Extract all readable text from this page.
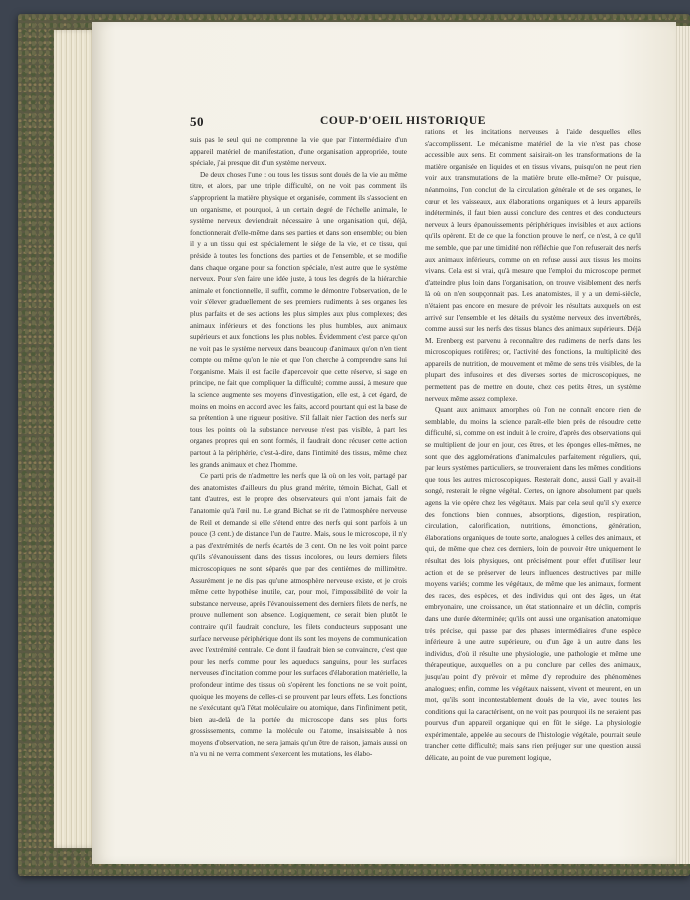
50	COUP-D'OEIL HISTORIQUE

suis pas le seul qui ne comprenne la vie que par l'intermédiaire d'un appareil matériel de manifestation, d'une organisation appropriée, toute spéciale, j'ai presque dit d'un système nerveux.

De deux choses l'une : ou tous les tissus sont doués de la vie au même titre, et alors, par une triple difficulté, on ne voit pas comment ils s'approprient la matière physique et organisée, comment ils s'associent en un organisme, et pourquoi, à un certain degré de l'échelle animale, le système nerveux deviendrait nécessaire à une organisation qui, déjà, fonctionnerait d'elle-même dans ses parties et dans son ensemble; ou bien il y a un tissu qui est spécialement le siége de la vie, et ce tissu, qui préside à toutes les fonctions des parties et de l'ensemble, et se modifie dans chaque organe pour sa fonction spéciale, n'est autre que le système nerveux. Pour s'en faire une idée juste, à tous les degrés de la hiérarchie animale et fonctionnelle, il suffit, comme le démontre l'observation, de le voir s'élever graduellement de ses premiers rudiments à ses organes les plus parfaits et de ses actions les plus simples aux plus complexes; des animaux inférieurs et des fonctions les plus humbles, aux animaux supérieurs et aux fonctions les plus nobles. Évidemment c'est parce qu'on ne voit pas le système nerveux dans beaucoup d'animaux qu'on n'en tient compte ou même qu'on le nie et que l'on cherche à comprendre sans lui l'organisme. Mais il est facile d'apercevoir que cette réserve, si sage en principe, ne fait que compliquer la difficulté; comme aussi, à mesure que la science augmente ses moyens d'investigation, elle est, à cet égard, de moins en moins en accord avec les faits, accord pourtant qui est la base de sa prétention à une rigueur positive. S'il fallait nier l'action des nerfs sur tous les points où la substance nerveuse n'est pas visible, à part les organes propres qui en sont formés, il faudrait donc récuser cette action partout à la périphérie, c'est-à-dire, dans l'intimité des tissus, même chez les grands animaux et chez l'homme.

Ce parti pris de n'admettre les nerfs que là où on les voit, partagé par des anatomistes d'ailleurs du plus grand mérite, témoin Bichat, Gall et tant d'autres, est le propre des observateurs qui n'ont jamais fait de l'anatomie qu'à l'œil nu. Le grand Bichat se rit de l'atmosphère nerveuse de Reil et demande si elle s'étend entre des nerfs qui sont parfois à un pouce (3 cent.) de distance l'un de l'autre. Mais, sous le microscope, il n'y a pas d'extrémités de nerfs écartés de 3 cent. On ne les voit point parce qu'ils s'évanouissent dans des tissus incolores, ou leurs derniers filets microscopiques ne sont séparés que par des centièmes de millimètre. Assurément je ne dis pas qu'une atmosphère nerveuse existe, et je crois même cette hypothèse inutile, car, pour moi, l'impossibilité de voir la substance nerveuse, après l'évanouissement des derniers filets de nerfs, ne prouve nullement son absence. Logiquement, ce serait bien plutôt le contraire qu'il faudrait conclure, les filets conducteurs supposant une surface nerveuse périphérique dont ils sont les moyens de communication avec l'extrémité centrale. Ce dont il faudrait bien se convaincre, c'est que pour les nerfs comme pour les aqueducs sanguins, pour les surfaces nerveuses d'incitation comme pour les surfaces d'élaboration matérielle, la profondeur intime des tissus où s'opèrent les fonctions ne se voit point, quoique les moyens de celles-ci se prouvent par leurs effets. Les fonctions ne s'exécutant qu'à l'état moléculaire ou atomique, dans l'infiniment petit, bien au-delà de la portée du microscope dans ses plus forts grossissements, comme la molécule ou l'atome, insaisissable à nos moyens d'observation, ne sera jamais qu'un être de raison, jamais aussi on n'a vu ni ne verra comment s'exercent les mutations, les élabo-

rations et les incitations nerveuses à l'aide desquelles elles s'accomplissent. Le mécanisme matériel de la vie n'est pas chose accessible aux sens. Et comment saisirait-on les transformations de la matière organisée en liquides et en tissus vivans, puisqu'on ne peut rien voir aux transmutations de la matière brute elle-même? Or puisque, néanmoins, l'on conclut de la circulation générale et de ses organes, le cœur et les vaisseaux, aux élaborations organiques et à leurs appareils indéterminés, il faut bien aussi conclure des centres et des conducteurs nerveux à leurs épanouissements périphériques invisibles et aux actions qu'ils opèrent. Et de ce que la fonction prouve le nerf, ce n'est, à ce qu'il me semble, que par une timidité non réfléchie que l'on refuserait des nerfs aux animaux inférieurs, comme on en refuse aussi aux tissus les moins vivans. Cela est si vrai, qu'à mesure que l'emploi du microscope permet d'atteindre plus loin dans l'organisation, on trouve visiblement des nerfs là où on n'en soupçonnait pas. Les anatomistes, il y a un demi-siècle, n'étaient pas encore en mesure de prévoir les résultats auxquels on est arrivé sur l'ensemble et les détails du système nerveux des invertébrés, comme aussi sur les nerfs des tissus blancs des animaux supérieurs. Déjà M. Erenberg est parvenu à reconnaître des rudimens de nerfs dans les microscopiques rotifères; or, l'activité des fonctions, la multiplicité des appareils de nutrition, de mouvement et même de sens très visibles, de la plupart des infusoires et des diverses sortes de microscopiques, ne permettent pas de mettre en doute, chez ces petits êtres, un système nerveux même assez complexe.

Quant aux animaux amorphes où l'on ne connaît encore rien de semblable, du moins la science paraît-elle bien près de résoudre cette difficulté, si, comme on est induit à le croire, d'après des observations qui se multiplient de jour en jour, ces êtres, et les éponges elles-mêmes, ne sont que des agglomérations d'animalcules parfaitement réguliers, qui, par leurs systèmes particuliers, se trouveraient dans les mêmes conditions que tous les autres microscopiques. Resterait donc, aussi Gall y avait-il songé, resterait le règne végétal. Certes, on ignore absolument par quels agens la vie opère chez les végétaux. Mais par cela seul qu'il s'y exerce des fonctions bien connues, absorptions, digestion, respiration, circulation, calorification, nutritions, émonctions, génération, élaborations organiques de toute sorte, analogues à celles des animaux, et qui, de même que chez ces derniers, loin de pouvoir être uniquement le résultat des lois physiques, ont précisément pour effet d'utiliser leur action et de se préserver de leurs influences destructives par mille moyens variés; comme les végétaux, de même que les animaux, forment des races, des espèces, et des individus qui ont des âges, un état embryonaire, une croissance, un état stationnaire et un déclin, compris dans une durée déterminée; qu'ils ont aussi une organisation anatomique très précise, qui passe par des phases intermédiaires d'une espèce inférieure à une autre supérieure, ou d'un âge à un autre dans les individus, d'où il résulte une physiologie, une pathologie et même une thérapeutique, auxquelles on a pu conclure par celles des animaux, jusqu'au point d'y prévoir et même d'y reproduire des phénomènes analogues; enfin, comme les végétaux naissent, vivent et meurent, en un mot, qu'ils sont incontestablement doués de la vie, avec toutes les conditions qui la caractérisent, on ne voit pas pourquoi ils ne seraient pas pourvus d'un appareil organique qui en fût le siége. La physiologie expérimentale, appelée au secours de l'histologie végétale, pourrait seule trancher cette difficulté; mais sans rien préjuger sur une question aussi délicate, au point de vue purement logique,
